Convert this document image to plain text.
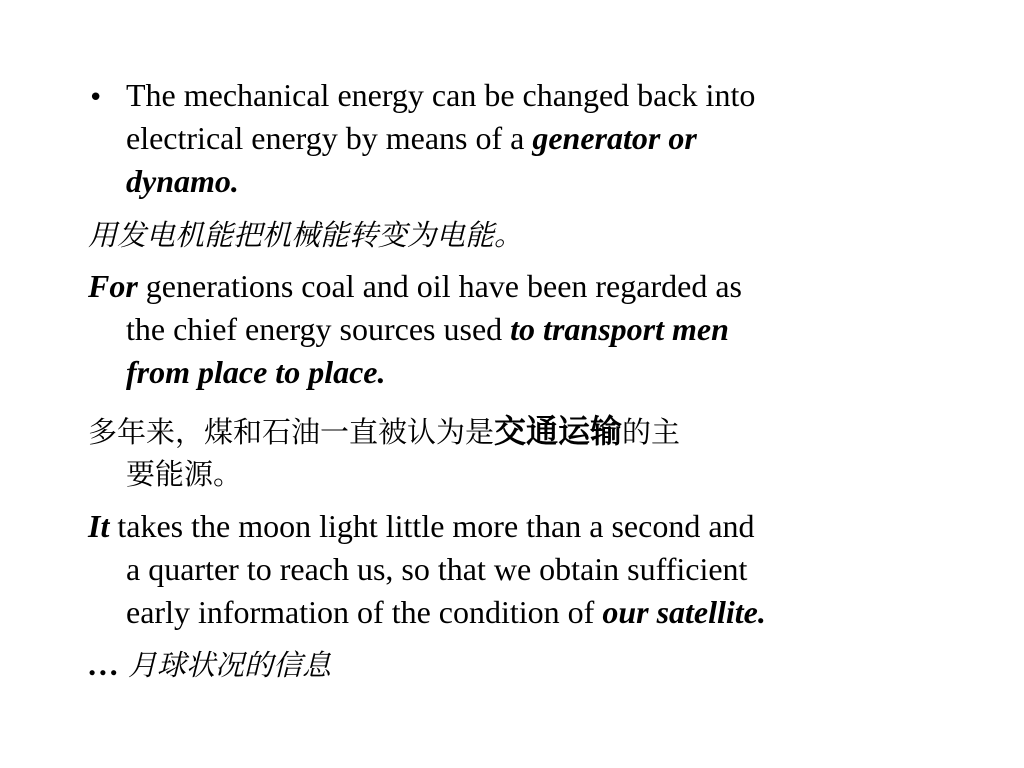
• The mechanical energy can be changed back into
electrical energy by means of a generator or
dynamo.
用发电机能把机械能转变为电能。
For generations coal and oil have been regarded as
the chief energy sources used to transport men
from place to place.
多年来，煤和石油一直被认为是交通运输的主
要能源。
It takes the moon light little more than a second and
a quarter to reach us, so that we obtain sufficient
early information of the condition of our satellite.
… 月球状况的信息
